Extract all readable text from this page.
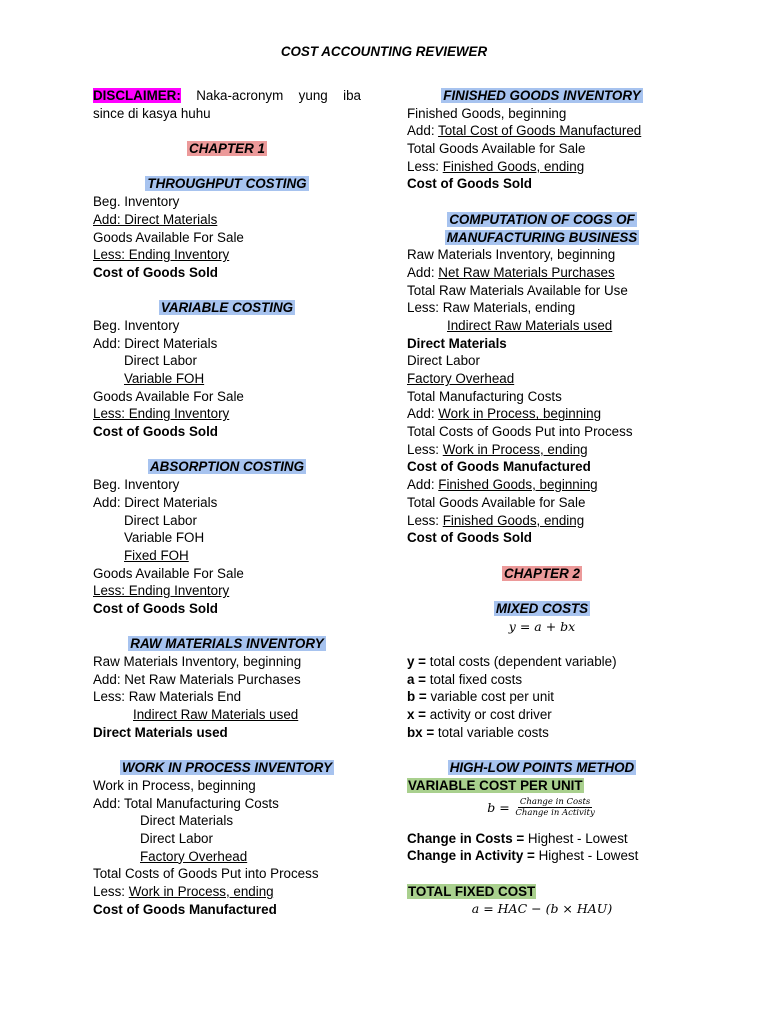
COST ACCOUNTING REVIEWER
DISCLAIMER: Naka-acronym yung iba
since di kasya huhu
CHAPTER 1
THROUGHPUT COSTING
Beg. Inventory
Add: Direct Materials
Goods Available For Sale
Less: Ending Inventory
Cost of Goods Sold
VARIABLE COSTING
Beg. Inventory
Add: Direct Materials
Direct Labor
Variable FOH
Goods Available For Sale
Less: Ending Inventory
Cost of Goods Sold
ABSORPTION COSTING
Beg. Inventory
Add: Direct Materials
Direct Labor
Variable FOH
Fixed FOH
Goods Available For Sale
Less: Ending Inventory
Cost of Goods Sold
RAW MATERIALS INVENTORY
Raw Materials Inventory, beginning
Add: Net Raw Materials Purchases
Less: Raw Materials End
Indirect Raw Materials used
Direct Materials used
WORK IN PROCESS INVENTORY
Work in Process, beginning
Add: Total Manufacturing Costs
Direct Materials
Direct Labor
Factory Overhead
Total Costs of Goods Put into Process
Less: Work in Process, ending
Cost of Goods Manufactured
FINISHED GOODS INVENTORY
Finished Goods, beginning
Add: Total Cost of Goods Manufactured
Total Goods Available for Sale
Less: Finished Goods, ending
Cost of Goods Sold
COMPUTATION OF COGS OF
MANUFACTURING BUSINESS
Raw Materials Inventory, beginning
Add: Net Raw Materials Purchases
Total Raw Materials Available for Use
Less: Raw Materials, ending
Indirect Raw Materials used
Direct Materials
Direct Labor
Factory Overhead
Total Manufacturing Costs
Add: Work in Process, beginning
Total Costs of Goods Put into Process
Less: Work in Process, ending
Cost of Goods Manufactured
Add: Finished Goods, beginning
Total Goods Available for Sale
Less: Finished Goods, ending
Cost of Goods Sold
CHAPTER 2
MIXED COSTS
y = a + bx
y = total costs (dependent variable)
a = total fixed costs
b = variable cost per unit
x = activity or cost driver
bx = total variable costs
HIGH-LOW POINTS METHOD
VARIABLE COST PER UNIT
$b = \frac{\text{Change in Costs}}{\text{Change in Activity}}$
Change in Costs = Highest - Lowest
Change in Activity = Highest - Lowest
TOTAL FIXED COST
a = HAC − (b × HAU)
